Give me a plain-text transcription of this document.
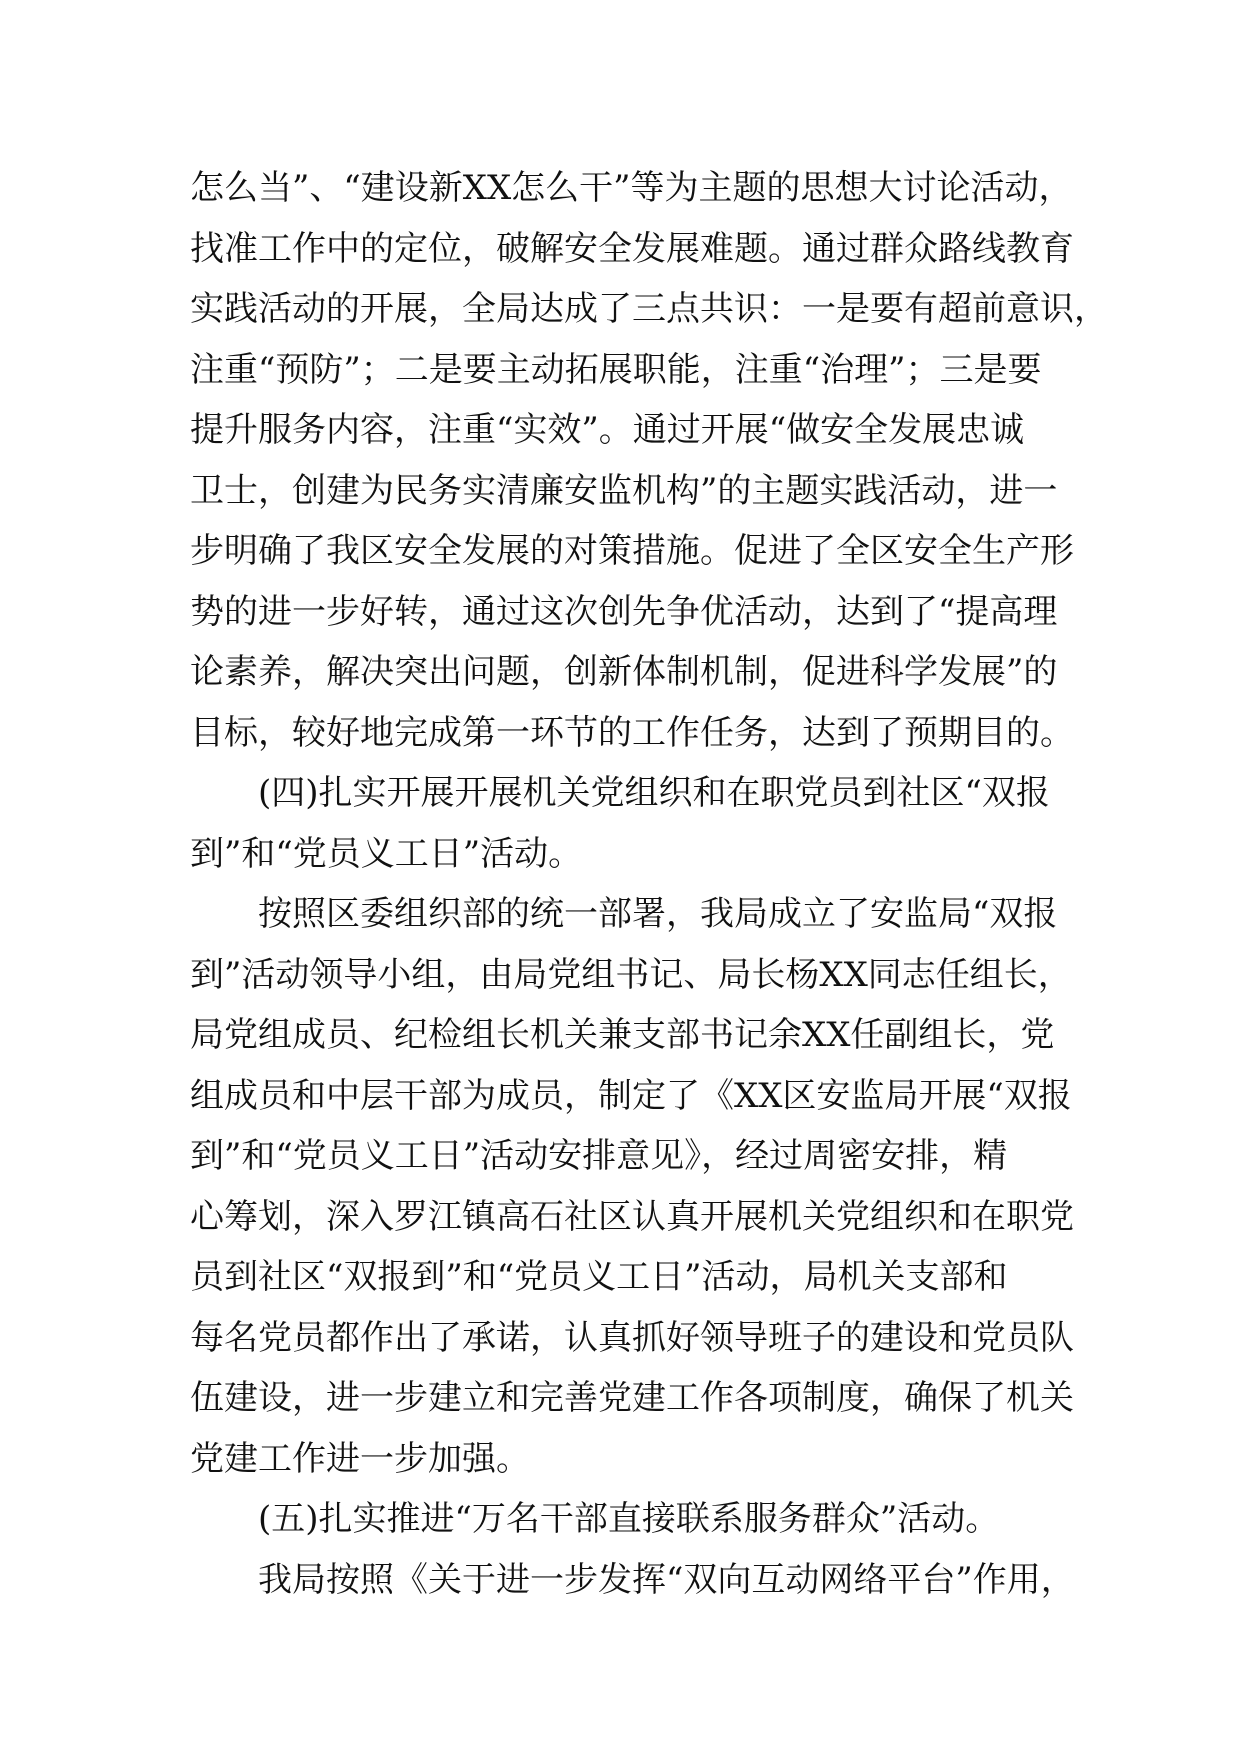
怎么当”、“建设新XX怎么干”等为主题的思想大讨论活动，
找准工作中的定位，破解安全发展难题。通过群众路线教育
实践活动的开展，全局达成了三点共识：一是要有超前意识，
注重“预防”；二是要主动拓展职能，注重“治理”；三是要
提升服务内容，注重“实效”。通过开展“做安全发展忠诚
卫士，创建为民务实清廉安监机构”的主题实践活动，进一
步明确了我区安全发展的对策措施。促进了全区安全生产形
势的进一步好转，通过这次创先争优活动，达到了“提高理
论素养，解决突出问题，创新体制机制，促进科学发展”的
目标，较好地完成第一环节的工作任务，达到了预期目的。
(四)扎实开展开展机关党组织和在职党员到社区“双报
到”和“党员义工日”活动。
按照区委组织部的统一部署，我局成立了安监局“双报
到”活动领导小组，由局党组书记、局长杨XX同志任组长，
局党组成员、纪检组长机关兼支部书记余XX任副组长，党
组成员和中层干部为成员，制定了《XX区安监局开展“双报
到”和“党员义工日”活动安排意见》，经过周密安排，精
心筹划，深入罗江镇高石社区认真开展机关党组织和在职党
员到社区“双报到”和“党员义工日”活动，局机关支部和
每名党员都作出了承诺，认真抓好领导班子的建设和党员队
伍建设，进一步建立和完善党建工作各项制度，确保了机关
党建工作进一步加强。
(五)扎实推进“万名干部直接联系服务群众”活动。
我局按照《关于进一步发挥“双向互动网络平台”作用，
